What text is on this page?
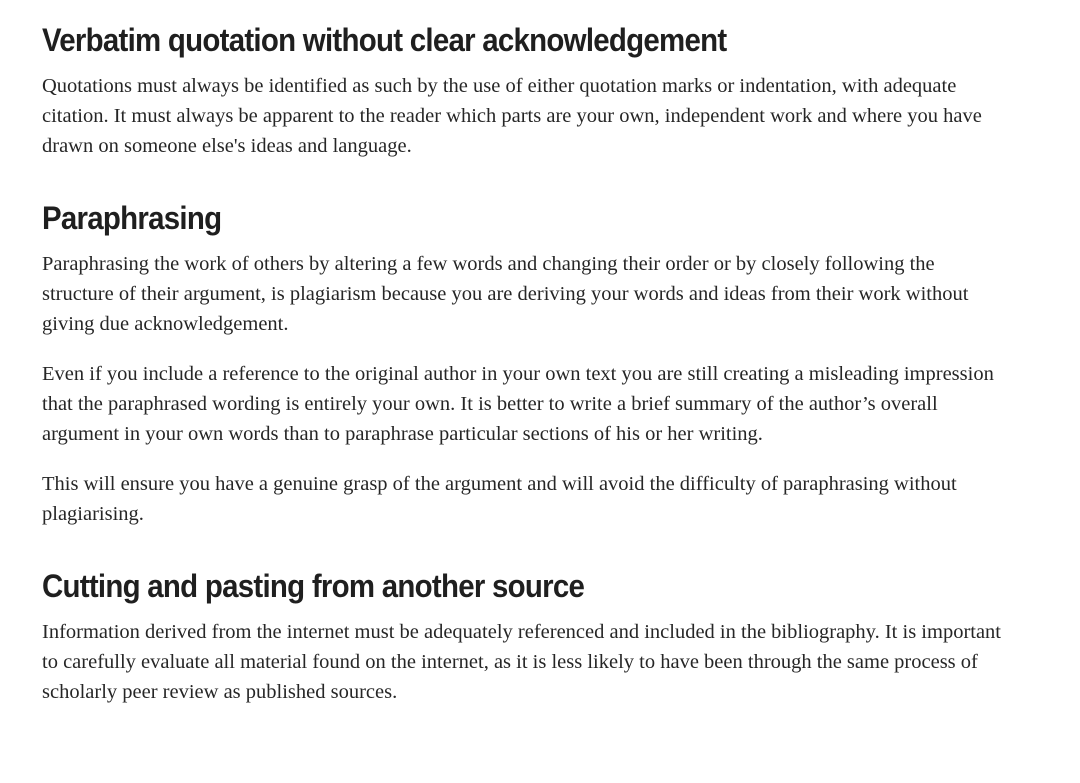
Verbatim quotation without clear acknowledgement

Quotations must always be identified as such by the use of either quotation marks or indentation, with adequate citation. It must always be apparent to the reader which parts are your own, independent work and where you have drawn on someone else's ideas and language.

Paraphrasing

Paraphrasing the work of others by altering a few words and changing their order or by closely following the structure of their argument, is plagiarism because you are deriving your words and ideas from their work without giving due acknowledgement.

Even if you include a reference to the original author in your own text you are still creating a misleading impression that the paraphrased wording is entirely your own. It is better to write a brief summary of the author’s overall argument in your own words than to paraphrase particular sections of his or her writing.

This will ensure you have a genuine grasp of the argument and will avoid the difficulty of paraphrasing without plagiarising.

Cutting and pasting from another source

Information derived from the internet must be adequately referenced and included in the bibliography. It is important to carefully evaluate all material found on the internet, as it is less likely to have been through the same process of scholarly peer review as published sources.
